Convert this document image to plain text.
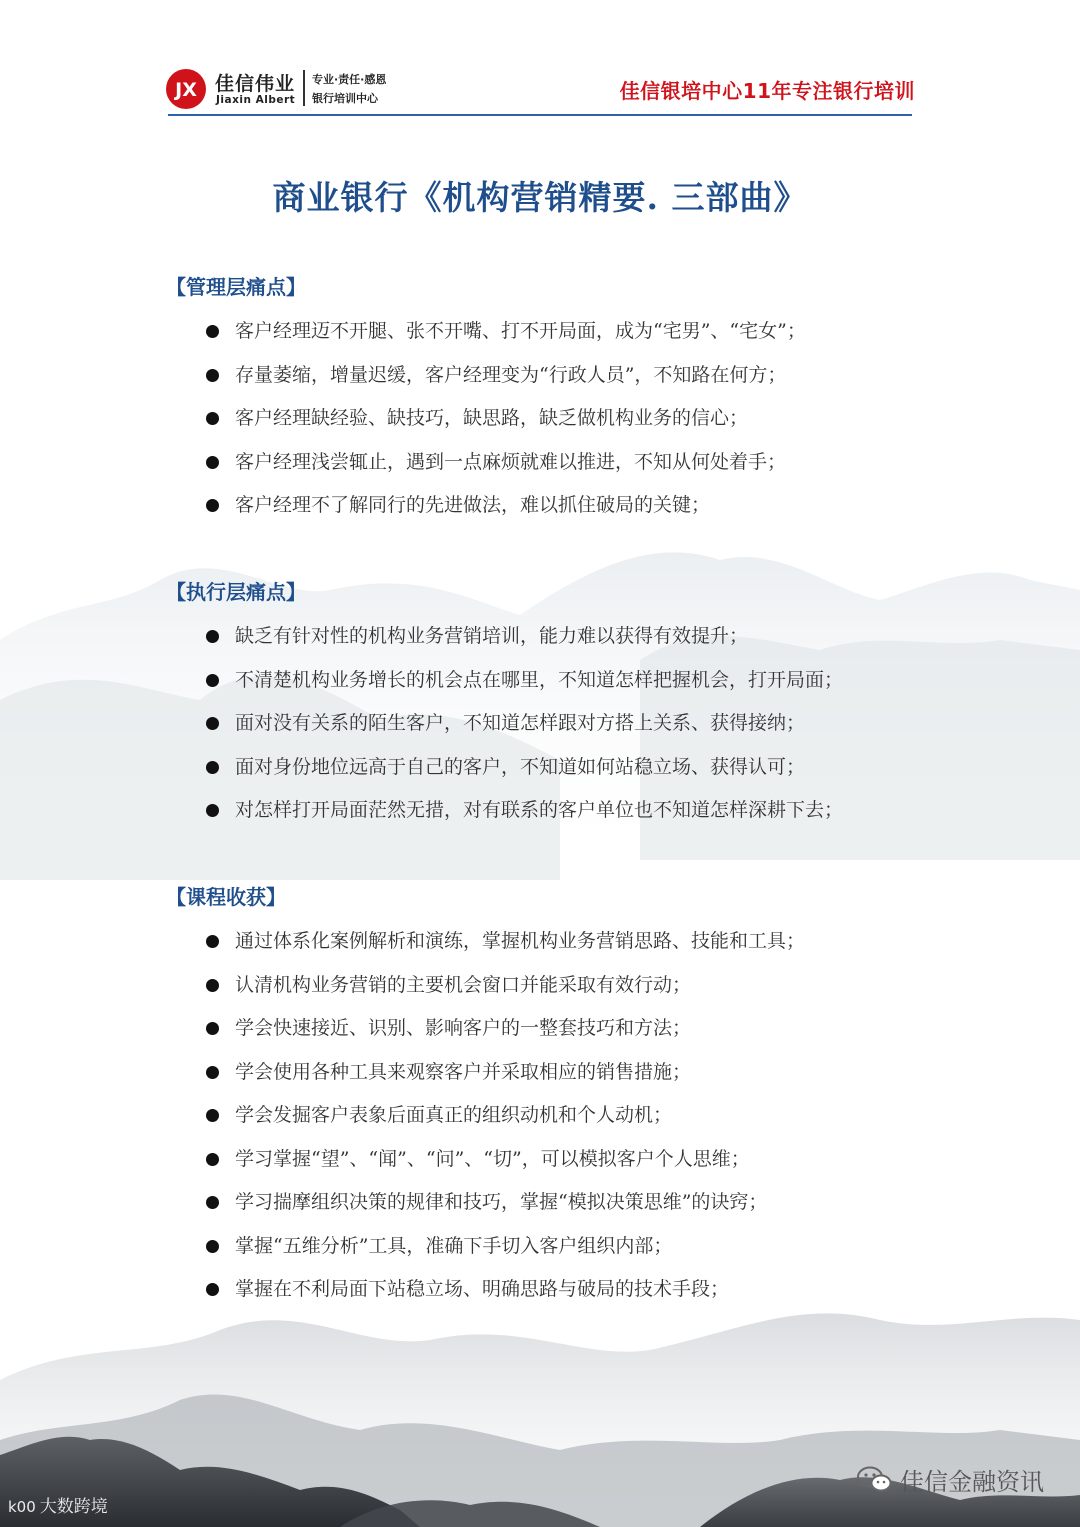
JX 佳信伟业
Jiaxin Albert
专业·责任·感恩
银行培训中心	佳信银培中心11年专注银行培训
商业银行《机构营销精要. 三部曲》
【管理层痛点】
客户经理迈不开腿、张不开嘴、打不开局面，成为“宅男”、“宅女”；
存量萎缩，增量迟缓，客户经理变为“行政人员”，不知路在何方；
客户经理缺经验、缺技巧，缺思路，缺乏做机构业务的信心；
客户经理浅尝辄止，遇到一点麻烦就难以推进，不知从何处着手；
客户经理不了解同行的先进做法，难以抓住破局的关键；
【执行层痛点】
缺乏有针对性的机构业务营销培训，能力难以获得有效提升；
不清楚机构业务增长的机会点在哪里，不知道怎样把握机会，打开局面；
面对没有关系的陌生客户，不知道怎样跟对方搭上关系、获得接纳；
面对身份地位远高于自己的客户，不知道如何站稳立场、获得认可；
对怎样打开局面茫然无措，对有联系的客户单位也不知道怎样深耕下去；
【课程收获】
通过体系化案例解析和演练，掌握机构业务营销思路、技能和工具；
认清机构业务营销的主要机会窗口并能采取有效行动；
学会快速接近、识别、影响客户的一整套技巧和方法；
学会使用各种工具来观察客户并采取相应的销售措施；
学会发掘客户表象后面真正的组织动机和个人动机；
学习掌握“望”、“闻”、“问”、“切”，可以模拟客户个人思维；
学习揣摩组织决策的规律和技巧，掌握“模拟决策思维”的诀窍；
掌握“五维分析”工具，准确下手切入客户组织内部；
掌握在不利局面下站稳立场、明确思路与破局的技术手段；
k00 大数跨境
佳信金融资讯
